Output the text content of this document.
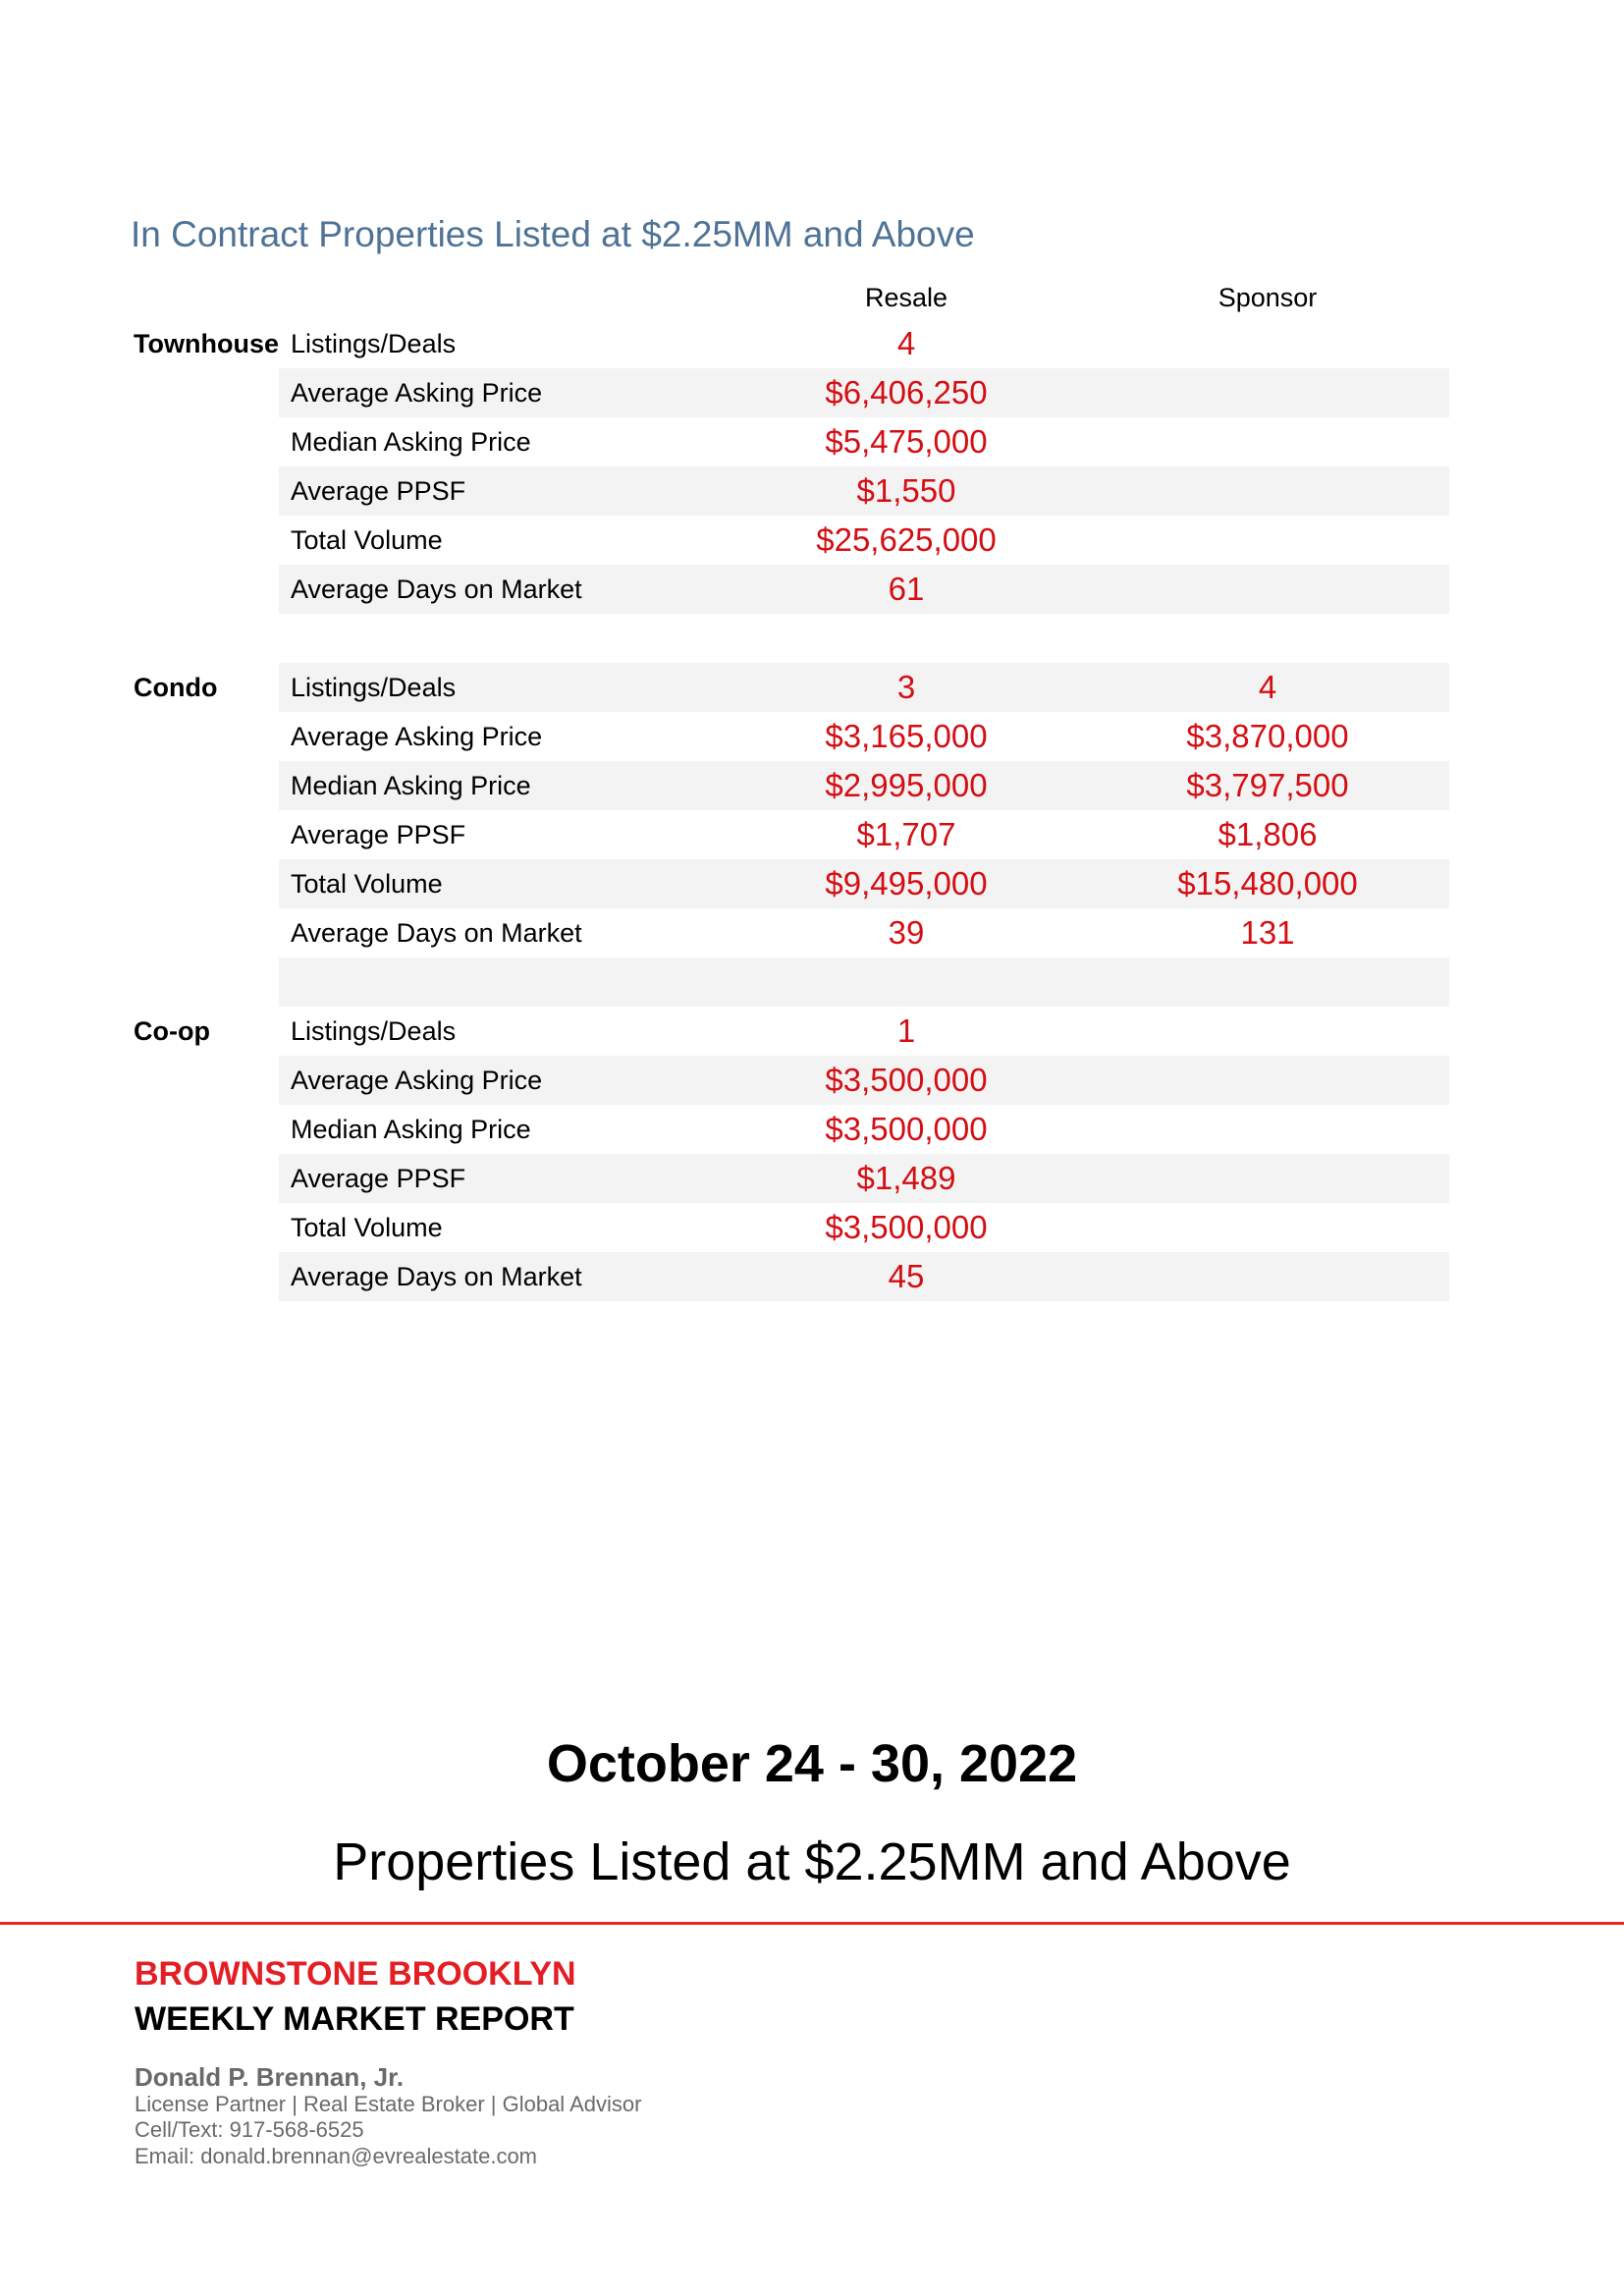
In Contract Properties Listed at $2.25MM and Above
Resale	Sponsor
Townhouse Listings/Deals	4
Average Asking Price	$6,406,250
Median Asking Price	$5,475,000
Average PPSF	$1,550
Total Volume	$25,625,000
Average Days on Market	61
Condo	Listings/Deals	3	4
Average Asking Price	$3,165,000	$3,870,000
Median Asking Price	$2,995,000	$3,797,500
Average PPSF	$1,707	$1,806
Total Volume	$9,495,000	$15,480,000
Average Days on Market	39	131
Co-op	Listings/Deals	1
Average Asking Price	$3,500,000
Median Asking Price	$3,500,000
Average PPSF	$1,489
Total Volume	$3,500,000
Average Days on Market	45
October 24 - 30, 2022
Properties Listed at $2.25MM and Above
BROWNSTONE BROOKLYN
WEEKLY MARKET REPORT
Donald P. Brennan, Jr.
License Partner | Real Estate Broker | Global Advisor
Cell/Text: 917-568-6525
Email: donald.brennan@evrealestate.com
